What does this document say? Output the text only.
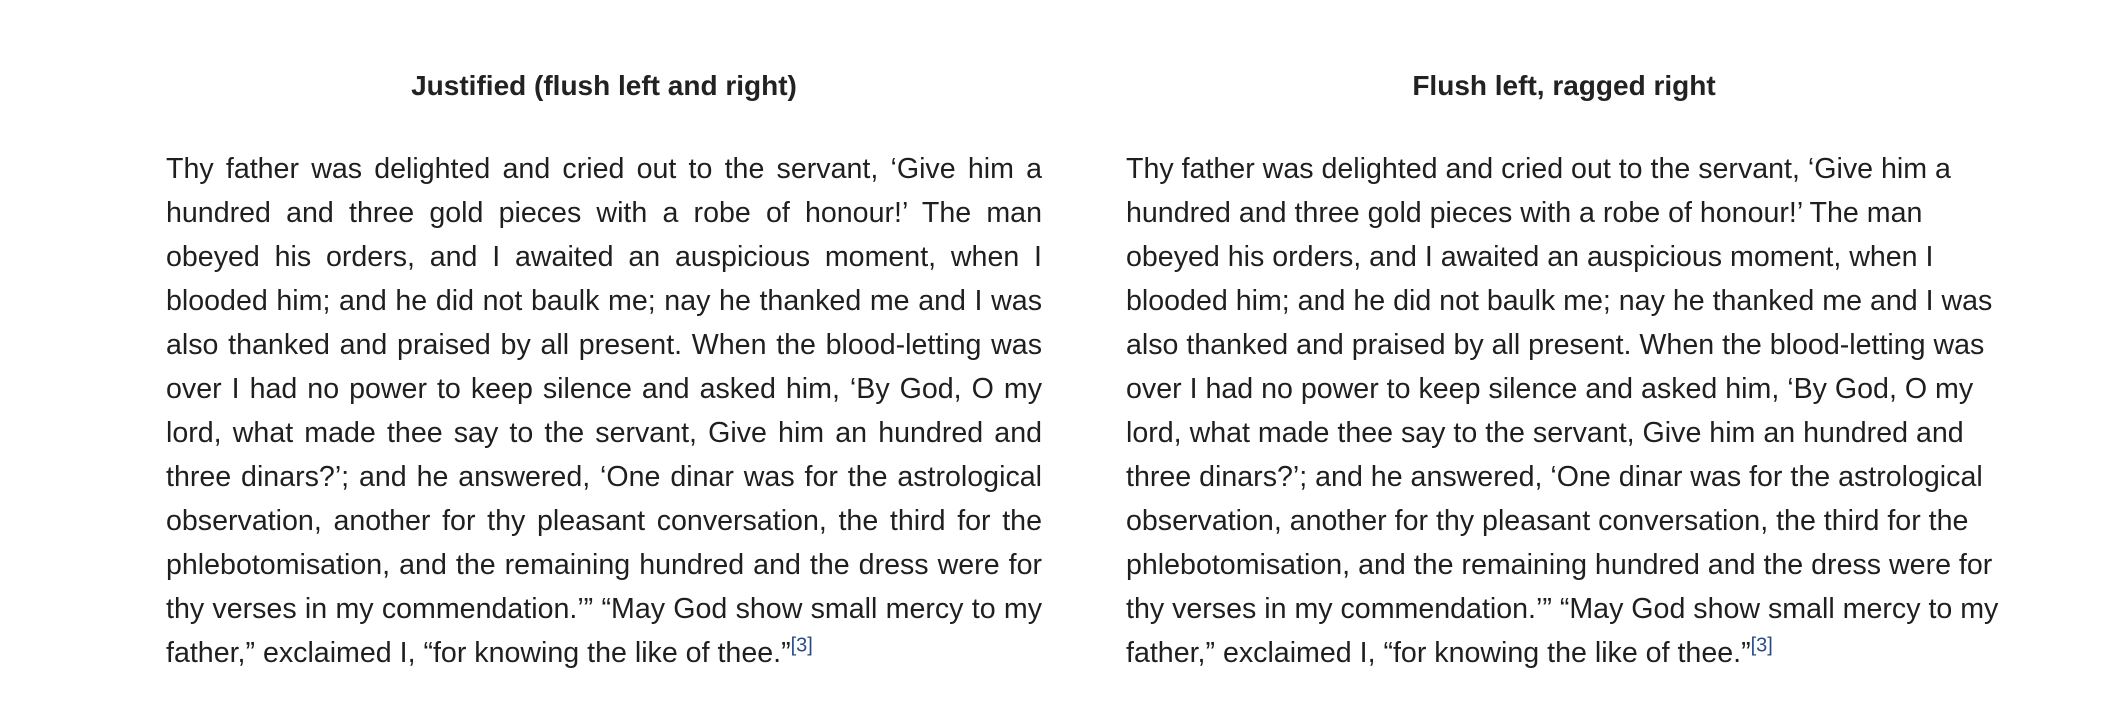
Justified (flush left and right)
Thy father was delighted and cried out to the servant, ‘Give him a
hundred and three gold pieces with a robe of honour!’ The man
obeyed his orders, and I awaited an auspicious moment, when I
blooded him; and he did not baulk me; nay he thanked me and I was
also thanked and praised by all present. When the blood-letting was
over I had no power to keep silence and asked him, ‘By God, O my
lord, what made thee say to the servant, Give him an hundred and
three dinars?’; and he answered, ‘One dinar was for the astrological
observation, another for thy pleasant conversation, the third for the
phlebotomisation, and the remaining hundred and the dress were for
thy verses in my commendation.’” “May God show small mercy to my
father,” exclaimed I, “for knowing the like of thee.”[3]
Flush left, ragged right
Thy father was delighted and cried out to the servant, ‘Give him a
hundred and three gold pieces with a robe of honour!’ The man
obeyed his orders, and I awaited an auspicious moment, when I
blooded him; and he did not baulk me; nay he thanked me and I was
also thanked and praised by all present. When the blood-letting was
over I had no power to keep silence and asked him, ‘By God, O my
lord, what made thee say to the servant, Give him an hundred and
three dinars?’; and he answered, ‘One dinar was for the astrological
observation, another for thy pleasant conversation, the third for the
phlebotomisation, and the remaining hundred and the dress were for
thy verses in my commendation.’” “May God show small mercy to my
father,” exclaimed I, “for knowing the like of thee.”[3]
